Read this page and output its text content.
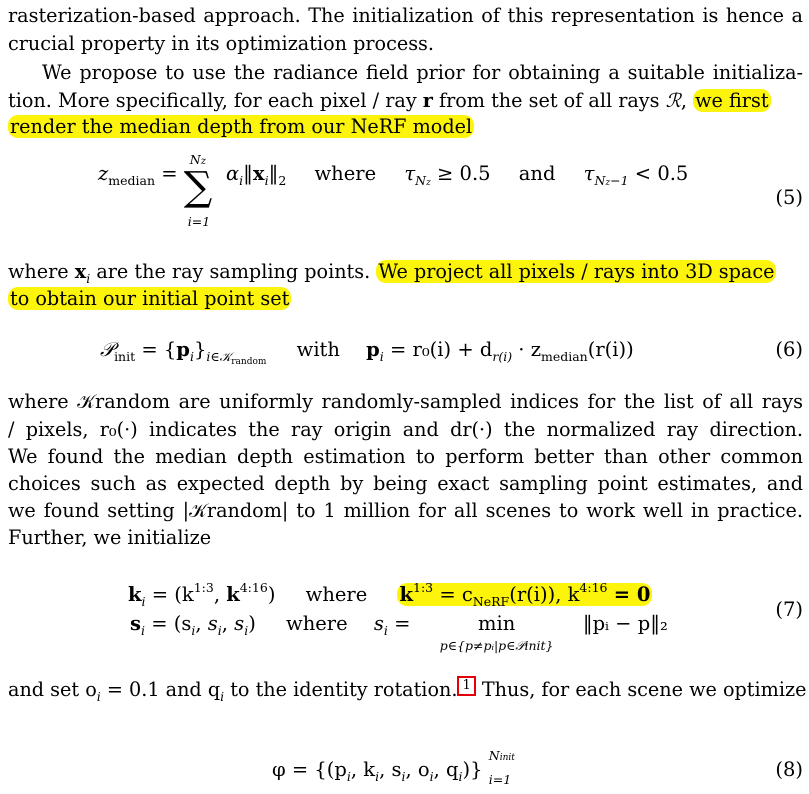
rasterization-based approach. The initialization of this representation is hence a
crucial property in its optimization process.
We propose to use the radiance field prior for obtaining a suitable initializa-
tion. More specifically, for each pixel / ray r from the set of all rays ℛ, we first
render the median depth from our NeRF model
$z_{median}$ =
Nz
∑
i=1
$\alpha_i‖x_i‖_2$ where $\tau_{Nz} \ge 0.5$ and $\tau_{Nz-1} < 0.5$
(5)
where $x_i$ are the ray sampling points. We project all pixels / rays into 3D space
to obtain our initial point set
𝒫$_{init}$ = $\{p_i\}_{i\in 𝒦random}$ with $p_i = r_0(i) + d_{r(i)} \cdot z_{median}(r(i))$	(6)
where 𝒦random are uniformly randomly-sampled indices for the list of all rays
/ pixels, r₀(·) indicates the ray origin and dr(·) the normalized ray direction.
We found the median depth estimation to perform better than other common
choices such as expected depth by being exact sampling point estimates, and
we found setting |𝒦random| to 1 million for all scenes to work well in practice.
Further, we initialize
$k_i = (k^{1:3}$, $k^{4:16}$) where $k^{1:3} = c_{NeRF}(r(i))$, $k^{4:16} = 0$
$s_i = (s_i$, $s_i$, $s_i$) where $s_i$ =	min
p∈{p≠pᵢ|p∈𝒫init}
‖pᵢ − p‖₂
(7)
and set $o_i = 0.1$ and $q_i$ to the identity rotation. 1 Thus, for each scene we optimize
$\varphi = \{(p_i$, $k_i$, $s_i$, $o_i$, $q_i$)}
Ninit
i=1
	(8)
